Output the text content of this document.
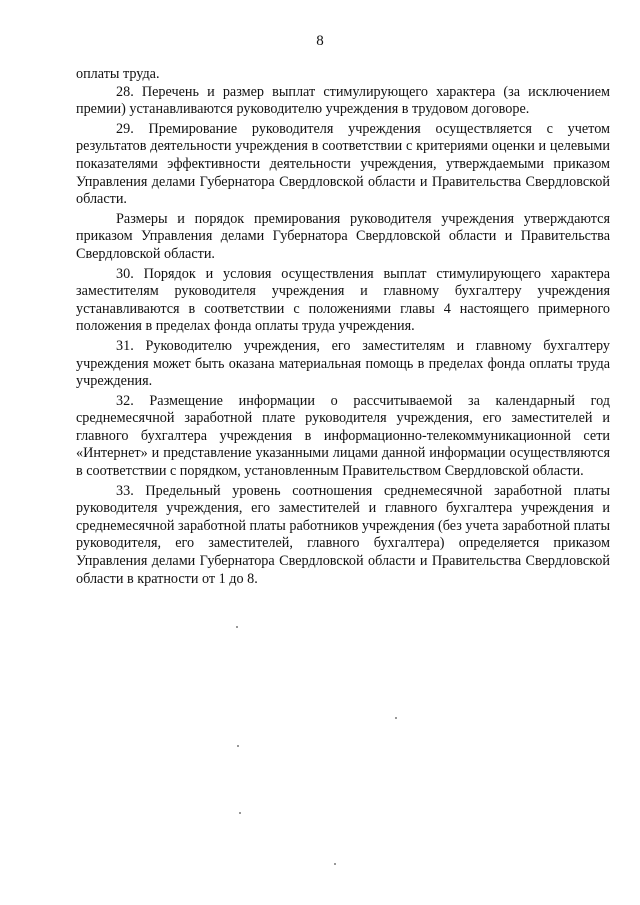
8

оплаты труда.

28. Перечень и размер выплат стимулирующего характера (за исключением премии) устанавливаются руководителю учреждения в трудовом договоре.

29. Премирование руководителя учреждения осуществляется с учетом результатов деятельности учреждения в соответствии с критериями оценки и целевыми показателями эффективности деятельности учреждения, утверждаемыми приказом Управления делами Губернатора Свердловской области и Правительства Свердловской области.

Размеры и порядок премирования руководителя учреждения утверждаются приказом Управления делами Губернатора Свердловской области и Правительства Свердловской области.

30. Порядок и условия осуществления выплат стимулирующего характера заместителям руководителя учреждения и главному бухгалтеру учреждения устанавливаются в соответствии с положениями главы 4 настоящего примерного положения в пределах фонда оплаты труда учреждения.

31. Руководителю учреждения, его заместителям и главному бухгалтеру учреждения может быть оказана материальная помощь в пределах фонда оплаты труда учреждения.

32. Размещение информации о рассчитываемой за календарный год среднемесячной заработной плате руководителя учреждения, его заместителей и главного бухгалтера учреждения в информационно-телекоммуникационной сети «Интернет» и представление указанными лицами данной информации осуществляются в соответствии с порядком, установленным Правительством Свердловской области.

33. Предельный уровень соотношения среднемесячной заработной платы руководителя учреждения, его заместителей и главного бухгалтера учреждения и среднемесячной заработной платы работников учреждения (без учета заработной платы руководителя, его заместителей, главного бухгалтера) определяется приказом Управления делами Губернатора Свердловской области и Правительства Свердловской области в кратности от 1 до 8.
